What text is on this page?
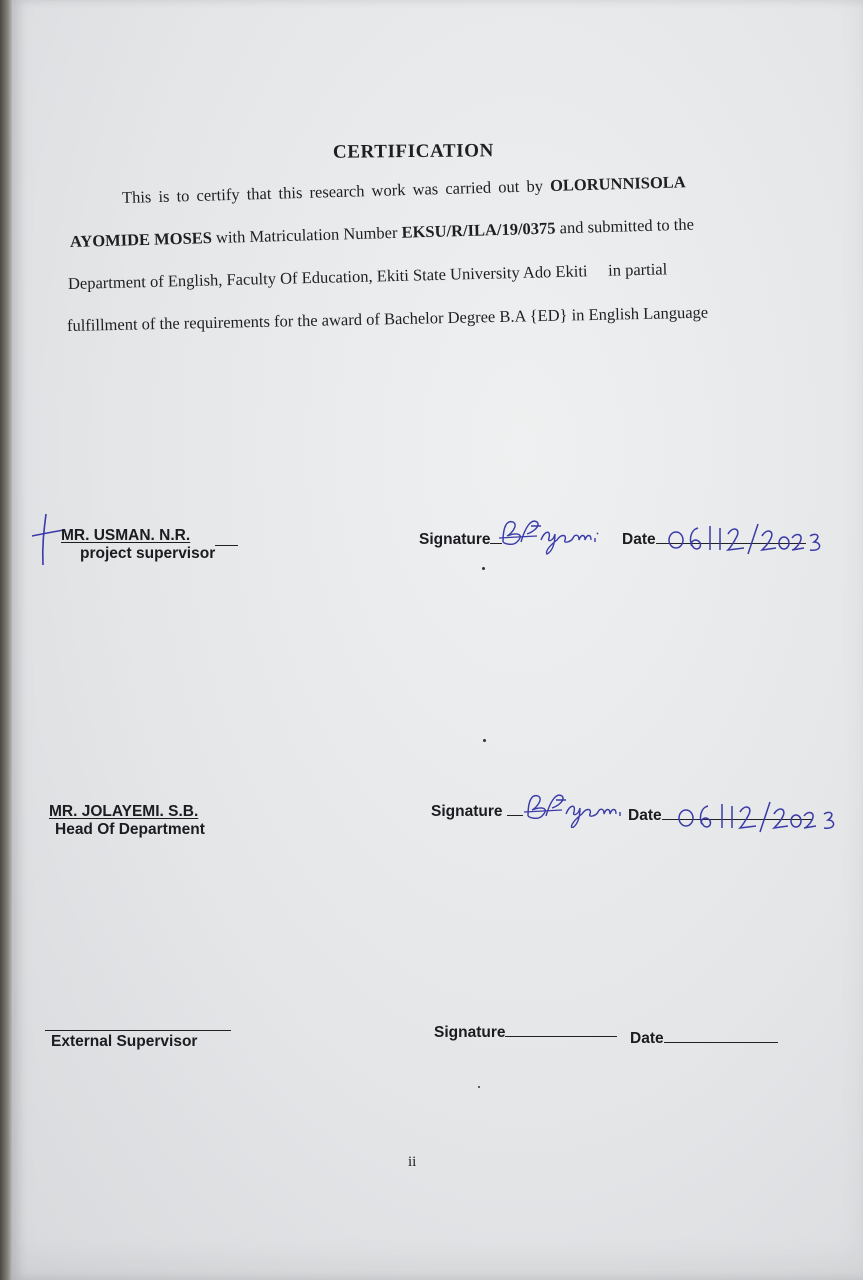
CERTIFICATION
This is to certify that this research work was carried out by OLORUNNISOLA
AYOMIDE MOSES with Matriculation Number EKSU/R/ILA/19/0375 and submitted to the
Department of English, Faculty Of Education, Ekiti State University Ado Ekiti     in partial
fulfillment of the requirements for the award of Bachelor Degree B.A {ED} in English Language
MR. USMAN. N.R.
project supervisor
Signature	Date
MR. JOLAYEMI. S.B.
Head Of Department
Signature	Date
External Supervisor
Signature	Date
ii
